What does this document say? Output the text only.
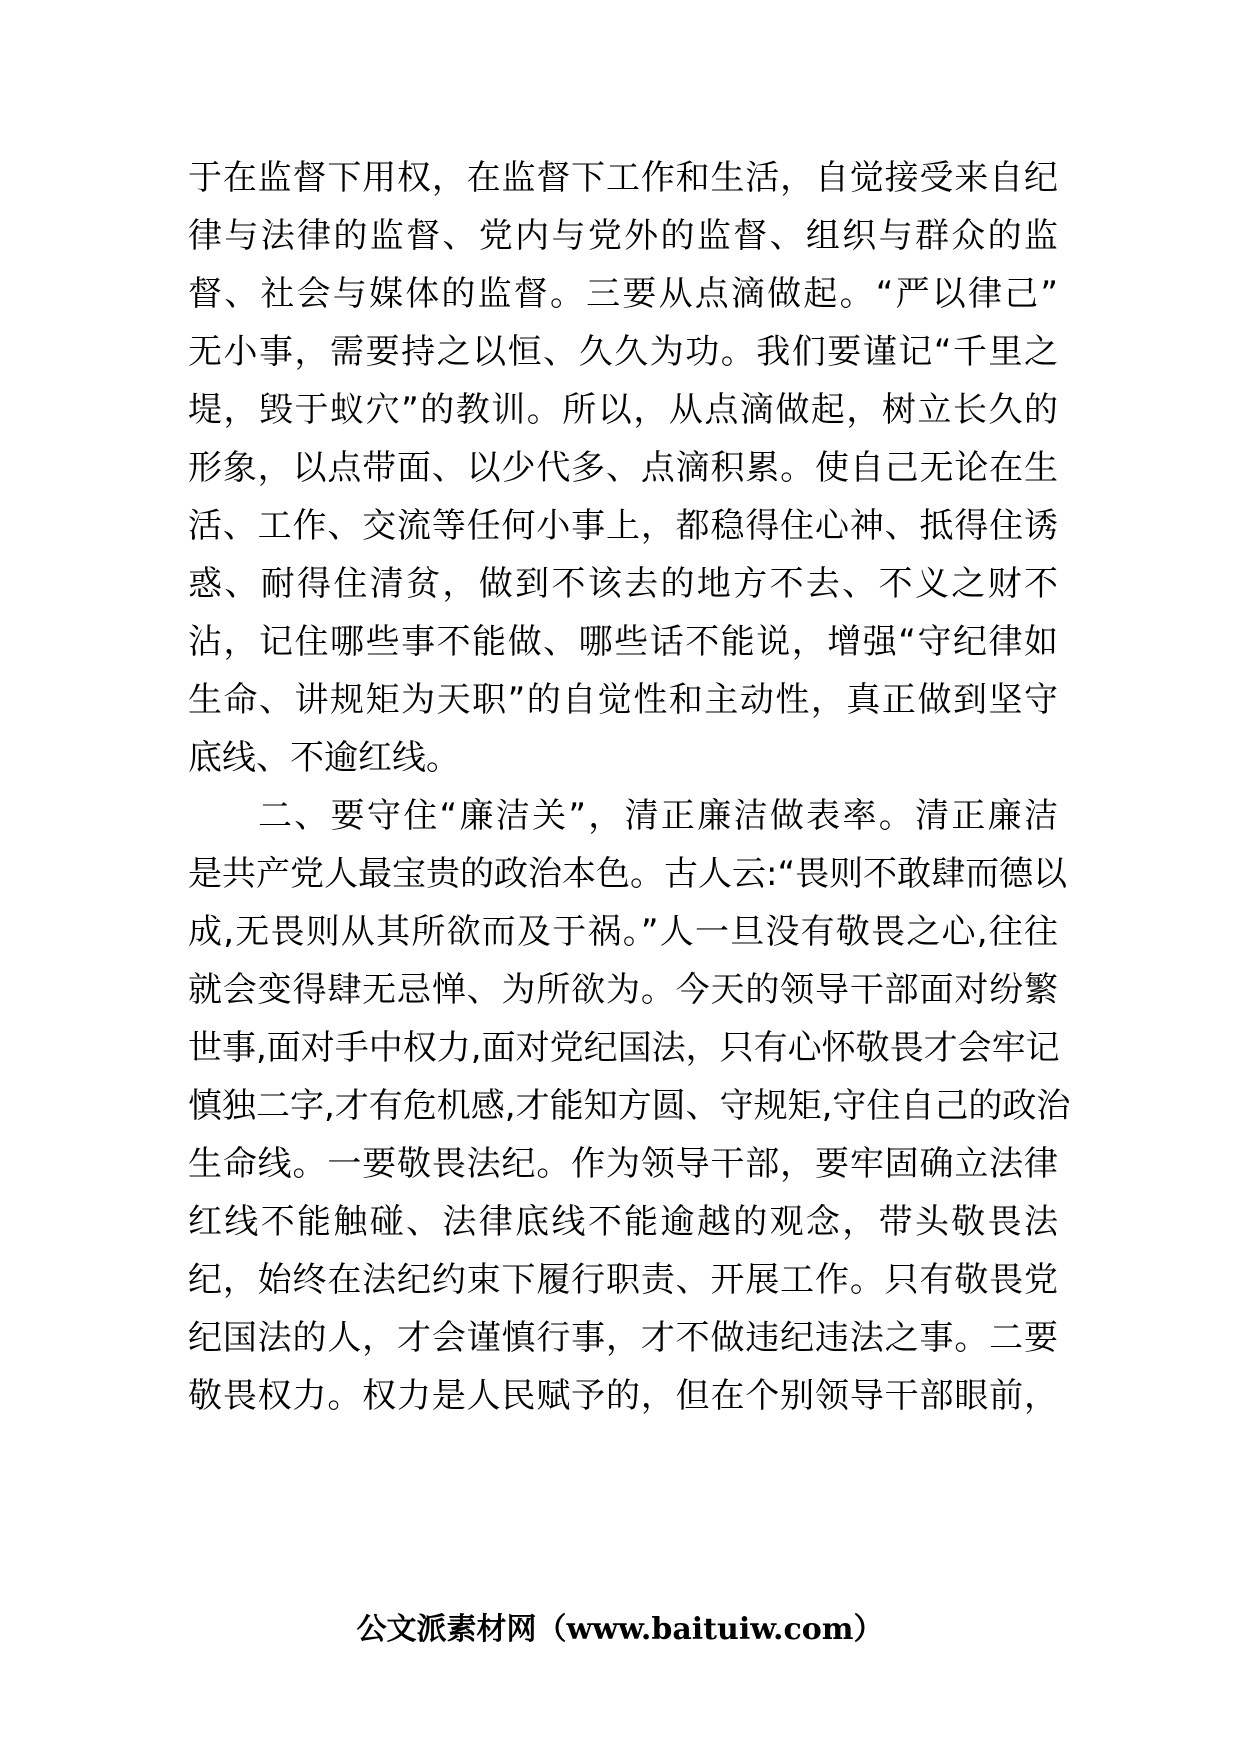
于在监督下用权，在监督下工作和生活，自觉接受来自纪
律与法律的监督、党内与党外的监督、组织与群众的监
督、社会与媒体的监督。三要从点滴做起。“严以律己”
无小事，需要持之以恒、久久为功。我们要谨记“千里之
堤，毁于蚁穴”的教训。所以，从点滴做起，树立长久的
形象，以点带面、以少代多、点滴积累。使自己无论在生
活、工作、交流等任何小事上，都稳得住心神、抵得住诱
惑、耐得住清贫，做到不该去的地方不去、不义之财不
沾，记住哪些事不能做、哪些话不能说，增强“守纪律如
生命、讲规矩为天职”的自觉性和主动性，真正做到坚守
底线、不逾红线。
二、要守住“廉洁关”，清正廉洁做表率。清正廉洁
是共产党人最宝贵的政治本色。古人云:“畏则不敢肆而德以
成,无畏则从其所欲而及于祸。”人一旦没有敬畏之心,往往
就会变得肆无忌惮、为所欲为。今天的领导干部面对纷繁
世事,面对手中权力,面对党纪国法，只有心怀敬畏才会牢记
慎独二字,才有危机感,才能知方圆、守规矩,守住自己的政治
生命线。一要敬畏法纪。作为领导干部，要牢固确立法律
红线不能触碰、法律底线不能逾越的观念，带头敬畏法
纪，始终在法纪约束下履行职责、开展工作。只有敬畏党
纪国法的人，才会谨慎行事，才不做违纪违法之事。二要
敬畏权力。权力是人民赋予的，但在个别领导干部眼前，
公文派素材网（www.baituiw.com）
